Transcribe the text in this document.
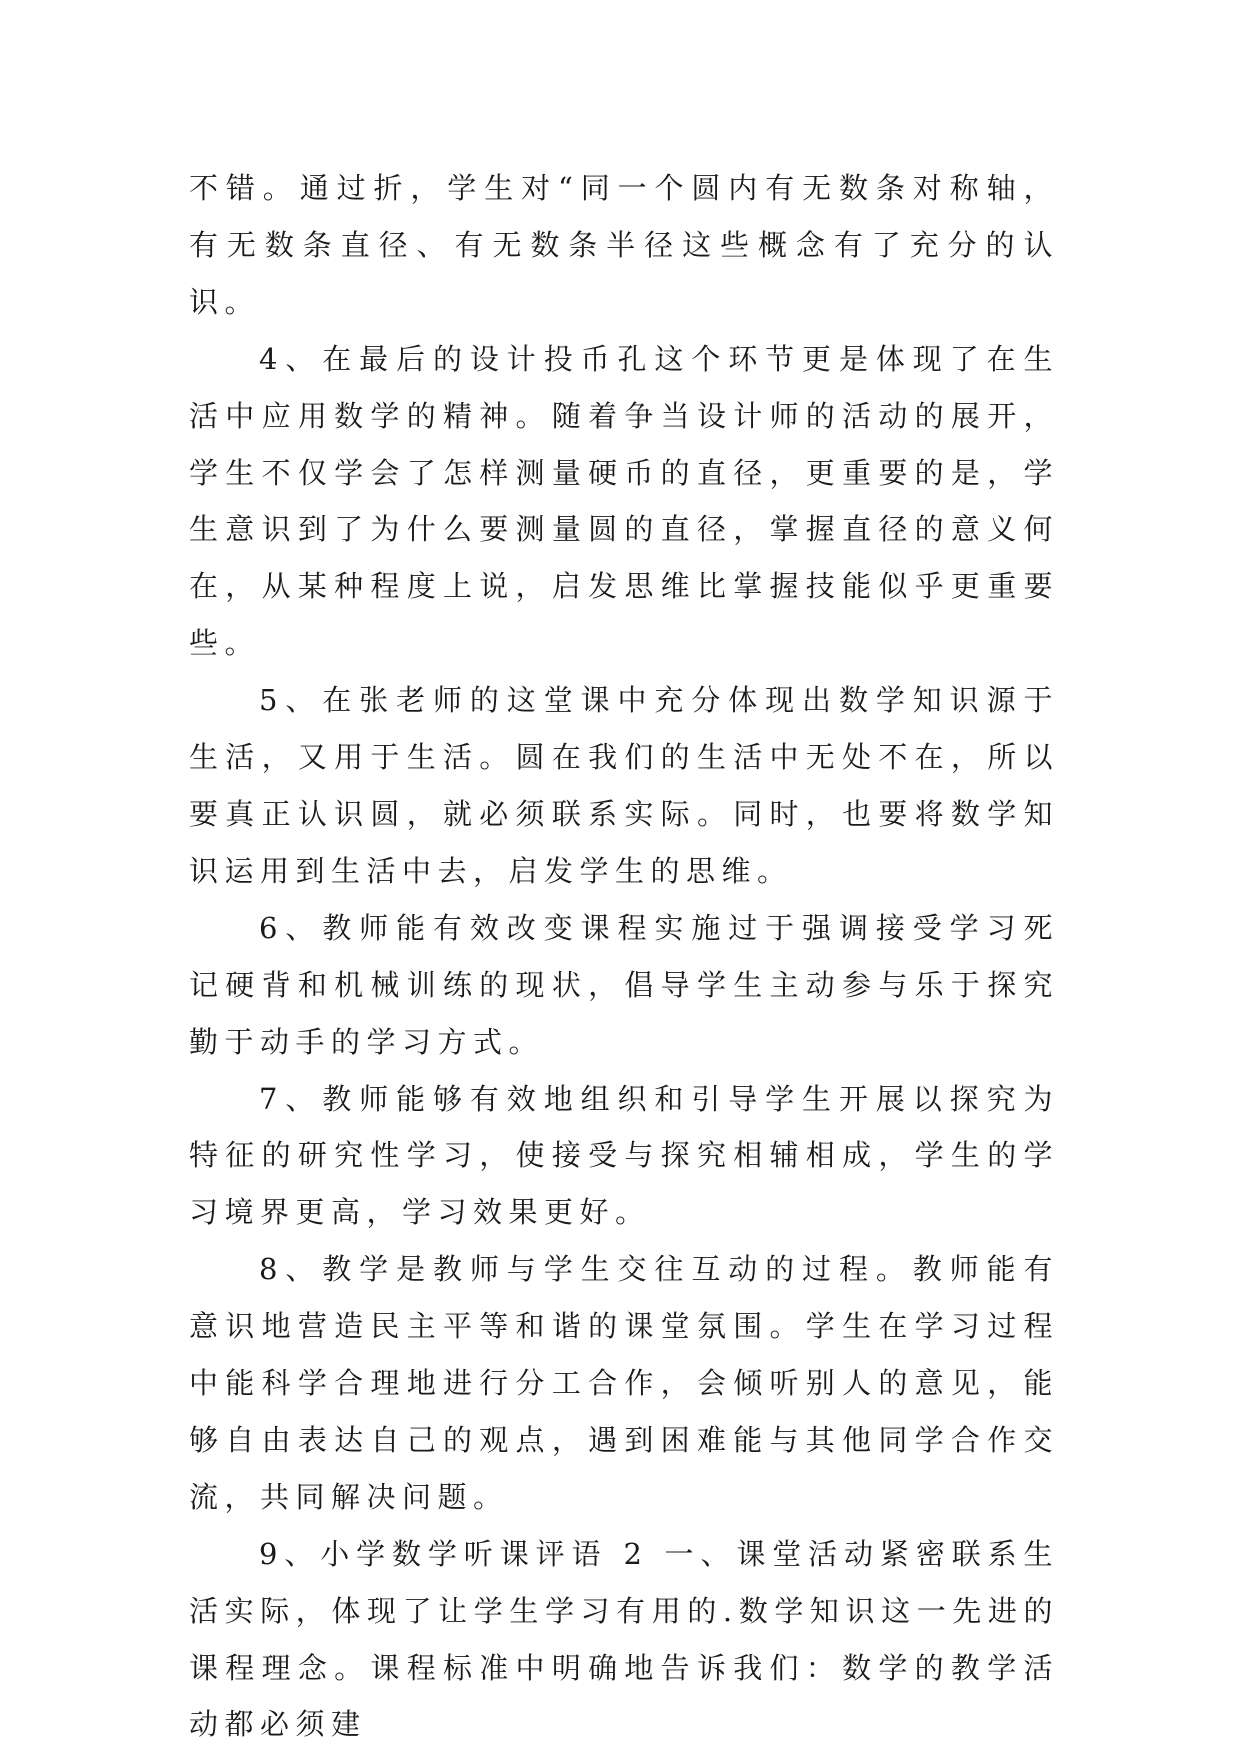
不错。通过折，学生对“同一个圆内有无数条对称轴，有无数条直径、有无数条半径这些概念有了充分的认识。

4、在最后的设计投币孔这个环节更是体现了在生活中应用数学的精神。随着争当设计师的活动的展开，学生不仅学会了怎样测量硬币的直径，更重要的是，学生意识到了为什么要测量圆的直径，掌握直径的意义何在，从某种程度上说，启发思维比掌握技能似乎更重要些。

5、在张老师的这堂课中充分体现出数学知识源于生活，又用于生活。圆在我们的生活中无处不在，所以要真正认识圆，就必须联系实际。同时，也要将数学知识运用到生活中去，启发学生的思维。

6、教师能有效改变课程实施过于强调接受学习死记硬背和机械训练的现状，倡导学生主动参与乐于探究勤于动手的学习方式。

7、教师能够有效地组织和引导学生开展以探究为特征的研究性学习，使接受与探究相辅相成，学生的学习境界更高，学习效果更好。

8、教学是教师与学生交往互动的过程。教师能有意识地营造民主平等和谐的课堂氛围。学生在学习过程中能科学合理地进行分工合作，会倾听别人的意见，能够自由表达自己的观点，遇到困难能与其他同学合作交流，共同解决问题。

9、小学数学听课评语 2 一、课堂活动紧密联系生活实际，体现了让学生学习有用的.数学知识这一先进的课程理念。课程标准中明确地告诉我们：数学的教学活动都必须建
